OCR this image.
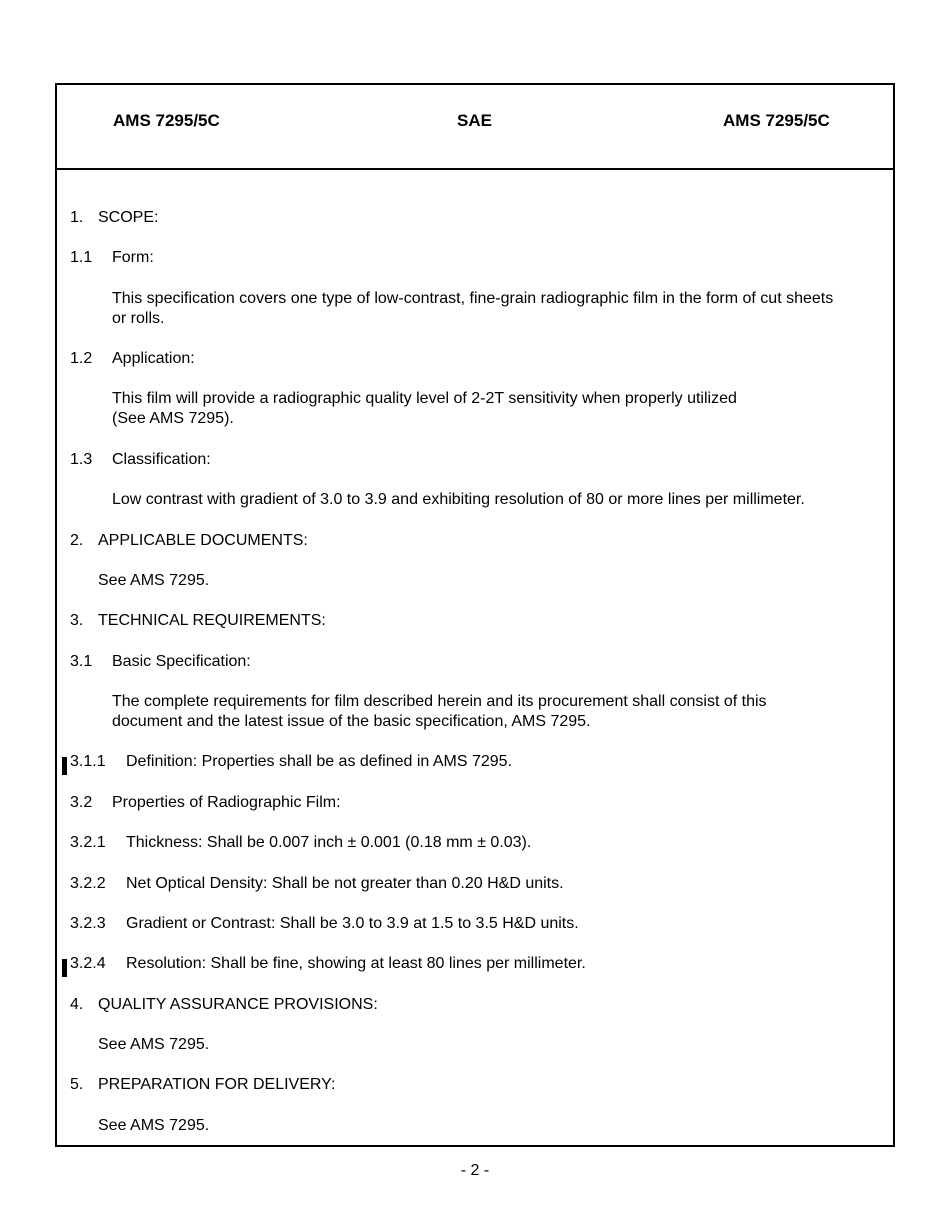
AMS 7295/5C	SAE	AMS 7295/5C
1. SCOPE:
1.1 Form:
This specification covers one type of low-contrast, fine-grain radiographic film in the form of cut sheets or rolls.
1.2 Application:
This film will provide a radiographic quality level of 2-2T sensitivity when properly utilized
(See AMS 7295).
1.3 Classification:
Low contrast with gradient of 3.0 to 3.9 and exhibiting resolution of 80 or more lines per millimeter.
2. APPLICABLE DOCUMENTS:
See AMS 7295.
3. TECHNICAL REQUIREMENTS:
3.1 Basic Specification:
The complete requirements for film described herein and its procurement shall consist of this document and the latest issue of the basic specification, AMS 7295.
3.1.1 Definition: Properties shall be as defined in AMS 7295.
3.2 Properties of Radiographic Film:
3.2.1 Thickness: Shall be 0.007 inch ± 0.001 (0.18 mm ± 0.03).
3.2.2 Net Optical Density: Shall be not greater than 0.20 H&D units.
3.2.3 Gradient or Contrast: Shall be 3.0 to 3.9 at 1.5 to 3.5 H&D units.
3.2.4 Resolution: Shall be fine, showing at least 80 lines per millimeter.
4. QUALITY ASSURANCE PROVISIONS:
See AMS 7295.
5. PREPARATION FOR DELIVERY:
See AMS 7295.
- 2 -
